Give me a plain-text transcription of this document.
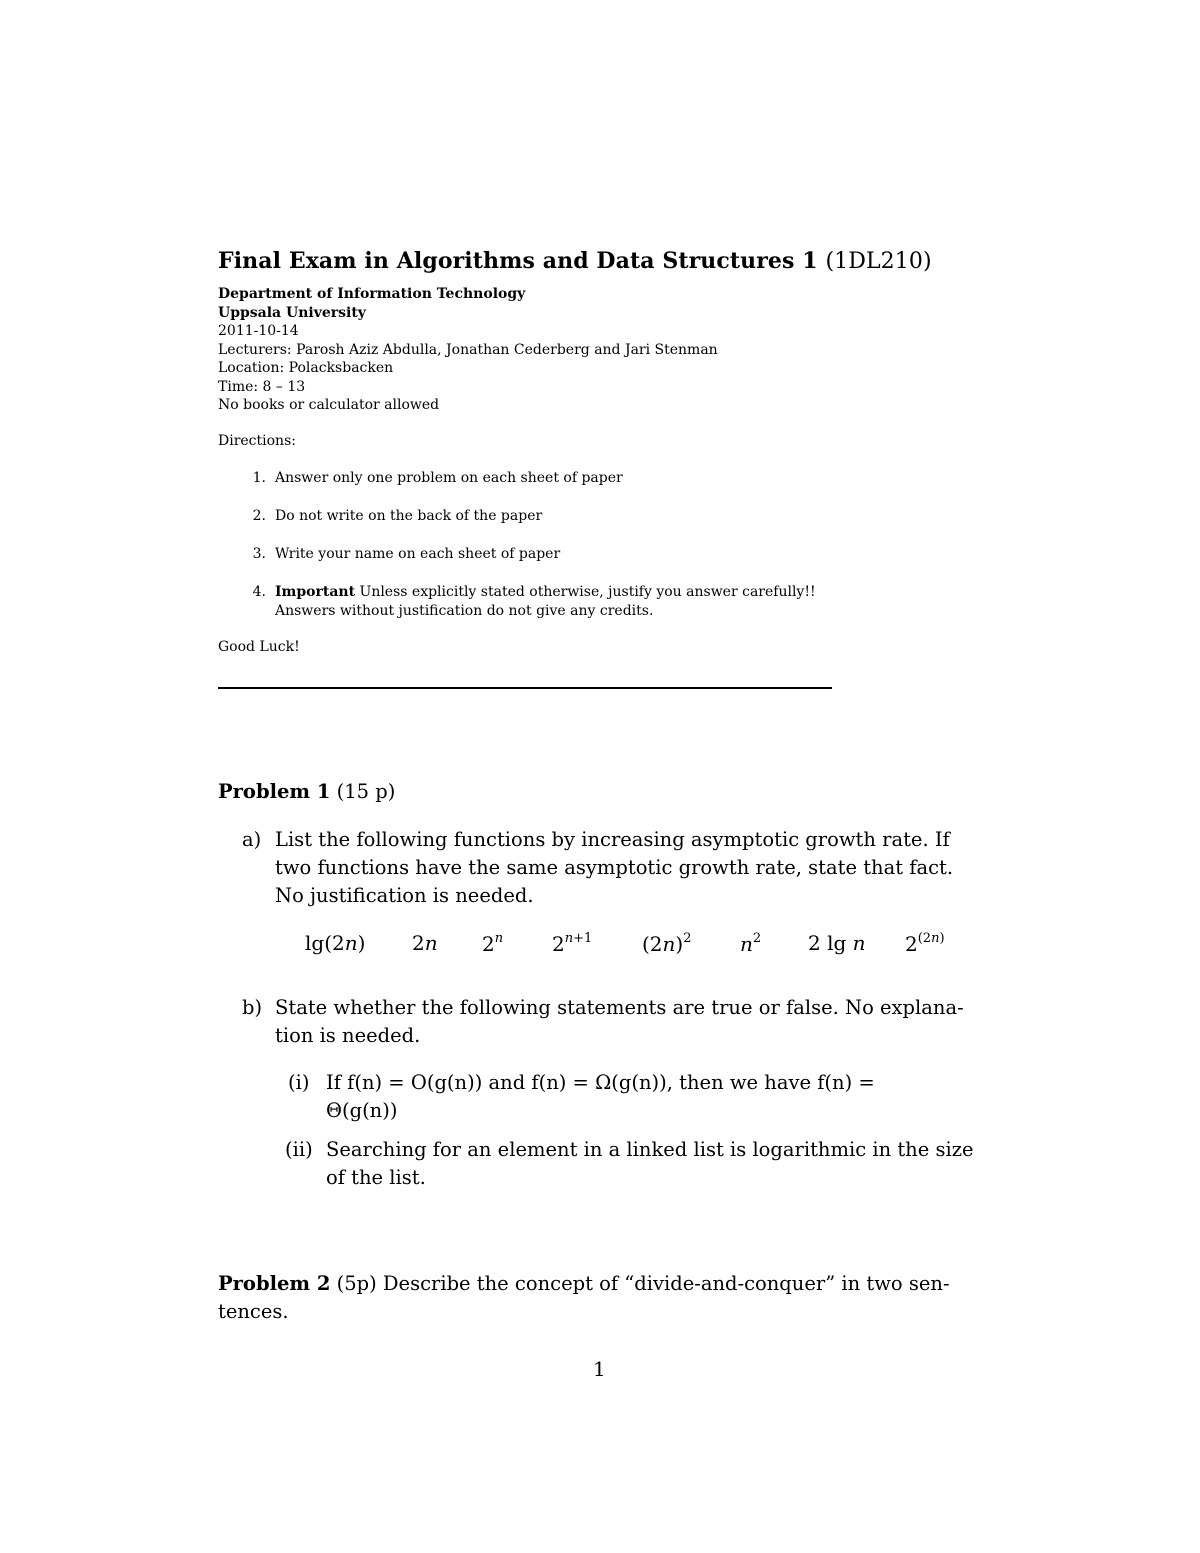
Final Exam in Algorithms and Data Structures 1 (1DL210)
Department of Information Technology
Uppsala University
2011-10-14
Lecturers: Parosh Aziz Abdulla, Jonathan Cederberg and Jari Stenman
Location: Polacksbacken
Time: 8 – 13
No books or calculator allowed
Directions:
1. Answer only one problem on each sheet of paper
2. Do not write on the back of the paper
3. Write your name on each sheet of paper
4. Important Unless explicitly stated otherwise, justify you answer carefully!!
Answers without justification do not give any credits.
Good Luck!
Problem 1 (15 p)
a) List the following functions by increasing asymptotic growth rate. If
two functions have the same asymptotic growth rate, state that fact.
No justification is needed.
lg(2n) 2n 2$^n$ $2^{n+1}$ $(2n)^2$ $n^2$ 2 lg n $2^{(2n)}$
b) State whether the following statements are true or false. No explana-
tion is needed.
(i) If f(n) = O(g(n)) and f(n) = Ω(g(n)), then we have f(n) =
Θ(g(n))
(ii) Searching for an element in a linked list is logarithmic in the size
of the list.
Problem 2 (5p) Describe the concept of “divide-and-conquer” in two sen-
tences.
1
